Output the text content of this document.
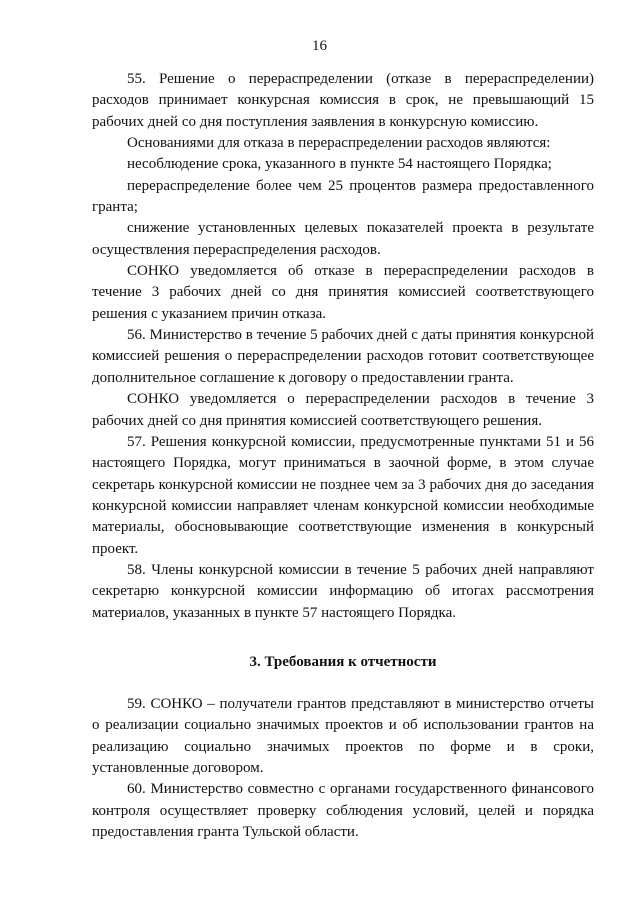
16

55. Решение о перераспределении (отказе в перераспределении) расходов принимает конкурсная комиссия в срок, не превышающий 15 рабочих дней со дня поступления заявления в конкурсную комиссию.

Основаниями для отказа в перераспределении расходов являются:

несоблюдение срока, указанного в пункте 54 настоящего Порядка;

перераспределение более чем 25 процентов размера предоставленного гранта;

снижение установленных целевых показателей проекта в результате осуществления перераспределения расходов.

СОНКО уведомляется об отказе в перераспределении расходов в течение 3 рабочих дней со дня принятия комиссией соответствующего решения с указанием причин отказа.

56. Министерство в течение 5 рабочих дней с даты принятия конкурсной комиссией решения о перераспределении расходов готовит соответствующее дополнительное соглашение к договору о предоставлении гранта.

СОНКО уведомляется о перераспределении расходов в течение 3 рабочих дней со дня принятия комиссией соответствующего решения.

57. Решения конкурсной комиссии, предусмотренные пунктами 51 и 56 настоящего Порядка, могут приниматься в заочной форме, в этом случае секретарь конкурсной комиссии не позднее чем за 3 рабочих дня до заседания конкурсной комиссии направляет членам конкурсной комиссии необходимые материалы, обосновывающие соответствующие изменения в конкурсный проект.

58. Члены конкурсной комиссии в течение 5 рабочих дней направляют секретарю конкурсной комиссии информацию об итогах рассмотрения материалов, указанных в пункте 57 настоящего Порядка.

3. Требования к отчетности

59. СОНКО – получатели грантов представляют в министерство отчеты о реализации социально значимых проектов и об использовании грантов на реализацию социально значимых проектов по форме и в сроки, установленные договором.

60. Министерство совместно с органами государственного финансового контроля осуществляет проверку соблюдения условий, целей и порядка предоставления гранта Тульской области.
